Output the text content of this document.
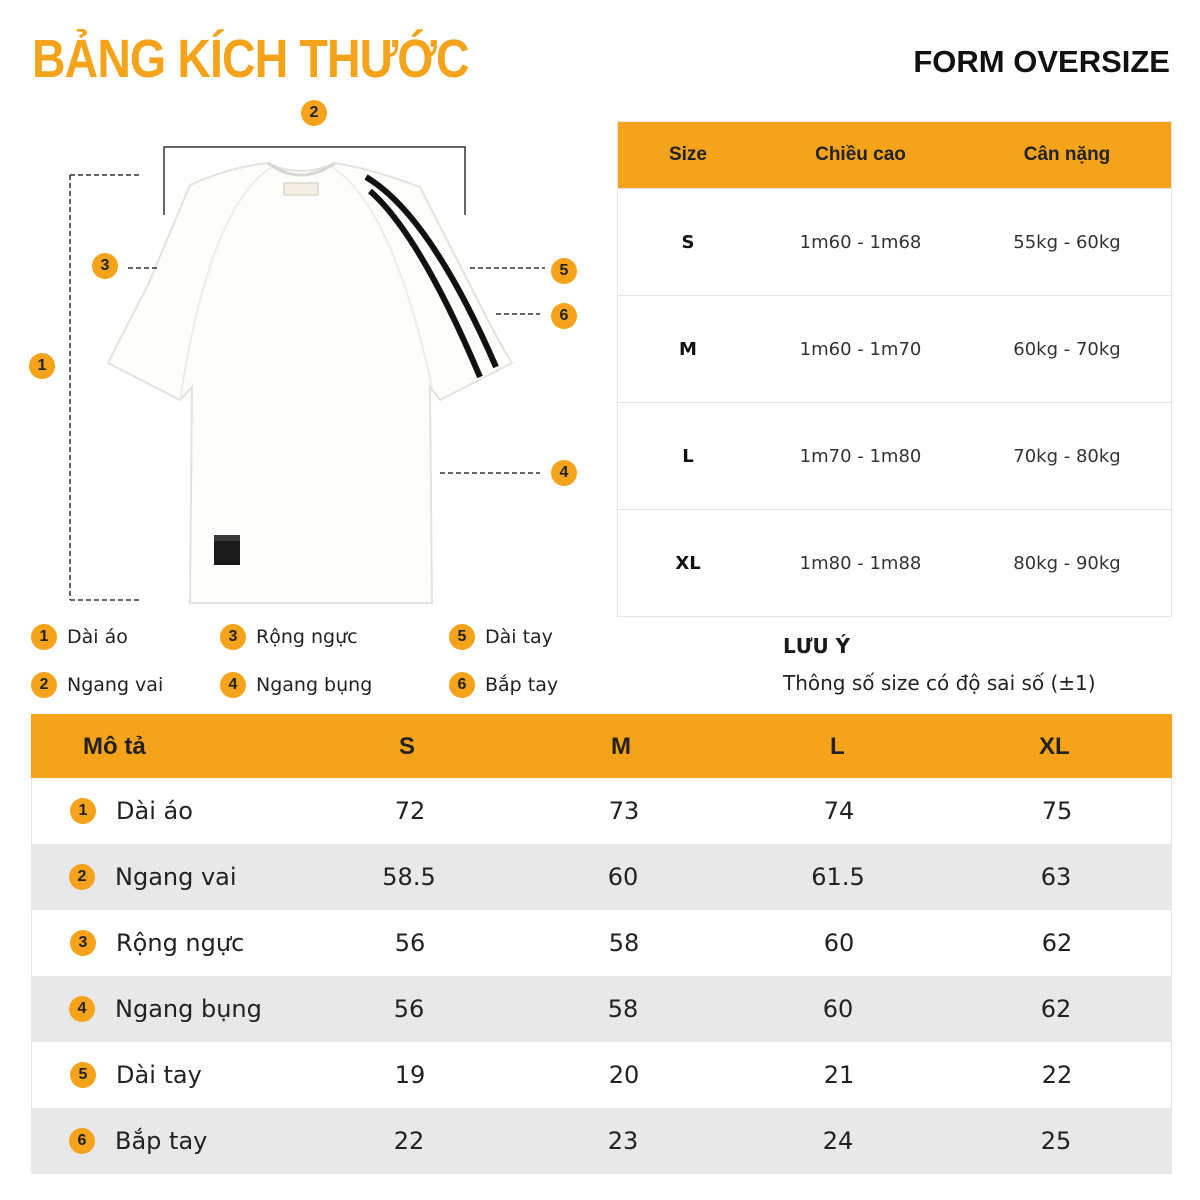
BẢNG KÍCH THƯỚC	FORM OVERSIZE
1
2
3
4
5
6
Size	Chiều cao	Cân nặng
S	1m60 - 1m68	55kg - 60kg
M	1m60 - 1m70	60kg - 70kg
L	1m70 - 1m80	70kg - 80kg
XL	1m80 - 1m88	80kg - 90kg
1 Dài áo
2 Ngang vai
3 Rộng ngực
4 Ngang bụng
5 Dài tay
6 Bắp tay
LƯU Ý
Thông số size có độ sai số (±1)
Mô tả	S	M	L	XL
1	Dài áo	72	73	74	75
2	Ngang vai	58.5	60	61.5	63
3	Rộng ngực	56	58	60	62
4	Ngang bụng	56	58	60	62
5	Dài tay	19	20	21	22
6	Bắp tay	22	23	24	25
